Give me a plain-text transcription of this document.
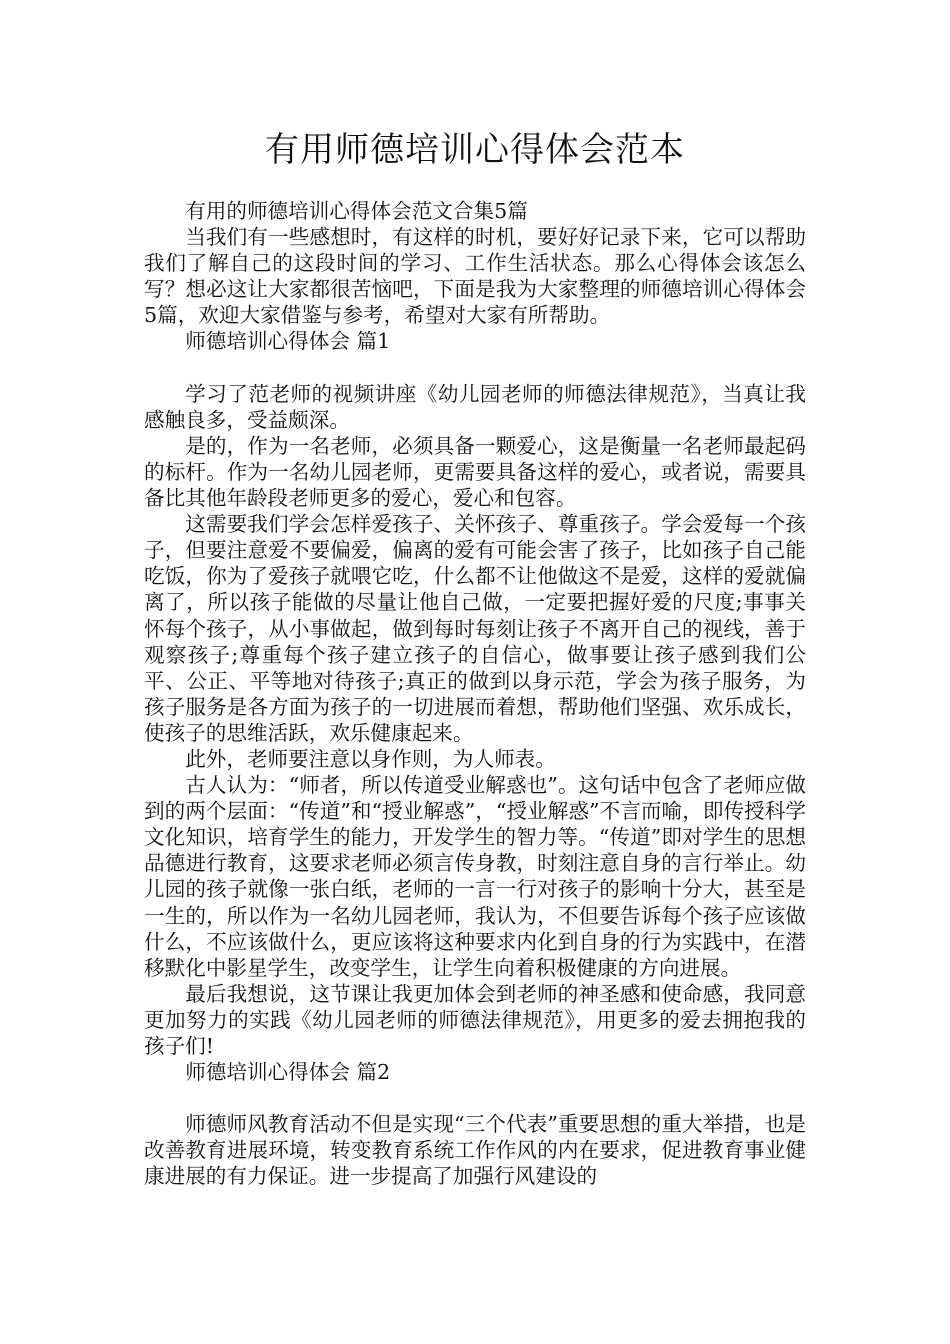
有用师德培训心得体会范本

有用的师德培训心得体会范文合集5篇

当我们有一些感想时，有这样的时机，要好好记录下来，它可以帮助我们了解自己的这段时间的学习、工作生活状态。那么心得体会该怎么写？想必这让大家都很苦恼吧，下面是我为大家整理的师德培训心得体会5篇，欢迎大家借鉴与参考，希望对大家有所帮助。

师德培训心得体会 篇1

学习了范老师的视频讲座《幼儿园老师的师德法律规范》，当真让我感触良多，受益颇深。

是的，作为一名老师，必须具备一颗爱心，这是衡量一名老师最起码的标杆。作为一名幼儿园老师，更需要具备这样的爱心，或者说，需要具备比其他年龄段老师更多的爱心，爱心和包容。

这需要我们学会怎样爱孩子、关怀孩子、尊重孩子。学会爱每一个孩子，但要注意爱不要偏爱，偏离的爱有可能会害了孩子，比如孩子自己能吃饭，你为了爱孩子就喂它吃，什么都不让他做这不是爱，这样的爱就偏离了，所以孩子能做的尽量让他自己做，一定要把握好爱的尺度;事事关怀每个孩子，从小事做起，做到每时每刻让孩子不离开自己的视线，善于观察孩子;尊重每个孩子建立孩子的自信心，做事要让孩子感到我们公平、公正、平等地对待孩子;真正的做到以身示范，学会为孩子服务，为孩子服务是各方面为孩子的一切进展而着想，帮助他们坚强、欢乐成长，使孩子的思维活跃，欢乐健康起来。

此外，老师要注意以身作则，为人师表。

古人认为：“师者，所以传道受业解惑也”。这句话中包含了老师应做到的两个层面：“传道”和“授业解惑”，“授业解惑”不言而喻，即传授科学文化知识，培育学生的能力，开发学生的智力等。“传道”即对学生的思想品德进行教育，这要求老师必须言传身教，时刻注意自身的言行举止。幼儿园的孩子就像一张白纸，老师的一言一行对孩子的影响十分大，甚至是一生的，所以作为一名幼儿园老师，我认为，不但要告诉每个孩子应该做什么，不应该做什么，更应该将这种要求内化到自身的行为实践中，在潜移默化中影星学生，改变学生，让学生向着积极健康的方向进展。

最后我想说，这节课让我更加体会到老师的神圣感和使命感，我同意更加努力的实践《幼儿园老师的师德法律规范》，用更多的爱去拥抱我的孩子们!

师德培训心得体会 篇2

师德师风教育活动不但是实现“三个代表”重要思想的重大举措，也是改善教育进展环境，转变教育系统工作作风的内在要求，促进教育事业健康进展的有力保证。进一步提高了加强行风建设的
